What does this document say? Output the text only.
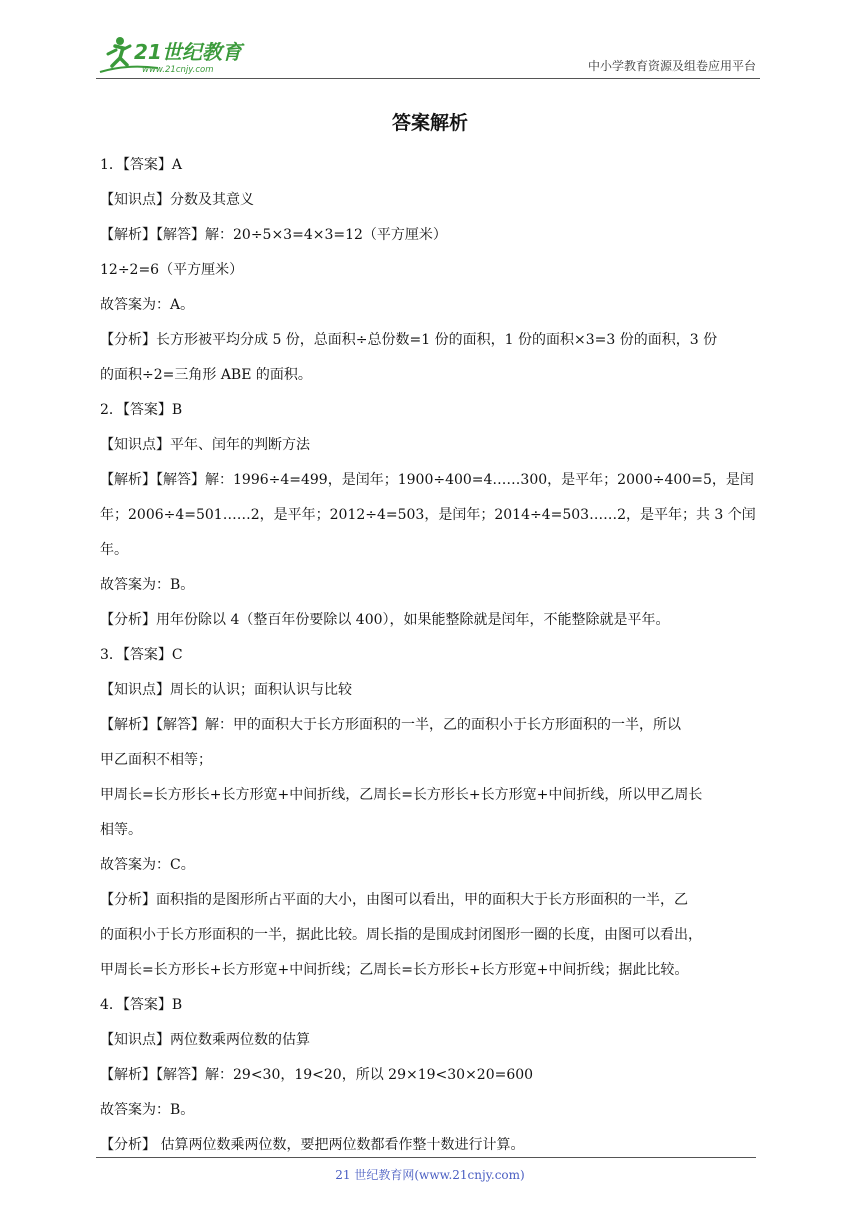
21世纪教育
www.21cnjy.com	中小学教育资源及组卷应用平台
答案解析

1．【答案】A

【知识点】分数及其意义

【解析】【解答】解：20÷5×3=4×3=12（平方厘米）

12÷2=6（平方厘米）

故答案为：A。

【分析】长方形被平均分成 5 份，总面积÷总份数=1 份的面积，1 份的面积×3=3 份的面积，3 份

的面积÷2=三角形 ABE 的面积。

2．【答案】B

【知识点】平年、闰年的判断方法

【解析】【解答】解：1996÷4=499，是闰年；1900÷400=4……300，是平年；2000÷400=5，是闰

年；2006÷4=501……2，是平年；2012÷4=503，是闰年；2014÷4=503……2，是平年；共 3 个闰

年。

故答案为：B。

【分析】用年份除以 4（整百年份要除以 400），如果能整除就是闰年，不能整除就是平年。

3．【答案】C

【知识点】周长的认识；面积认识与比较

【解析】【解答】解：甲的面积大于长方形面积的一半，乙的面积小于长方形面积的一半，所以

甲乙面积不相等；

甲周长=长方形长+长方形宽+中间折线，乙周长=长方形长+长方形宽+中间折线，所以甲乙周长

相等。

故答案为：C。

【分析】面积指的是图形所占平面的大小，由图可以看出，甲的面积大于长方形面积的一半，乙

的面积小于长方形面积的一半，据此比较。周长指的是围成封闭图形一圈的长度，由图可以看出，

甲周长=长方形长+长方形宽+中间折线；乙周长=长方形长+长方形宽+中间折线；据此比较。

4．【答案】B

【知识点】两位数乘两位数的估算

【解析】【解答】解：29<30，19<20，所以 29×19<30×20=600

故答案为：B。

【分析】 估算两位数乘两位数，要把两位数都看作整十数进行计算。

21 世纪教育网(www.21cnjy.com)
